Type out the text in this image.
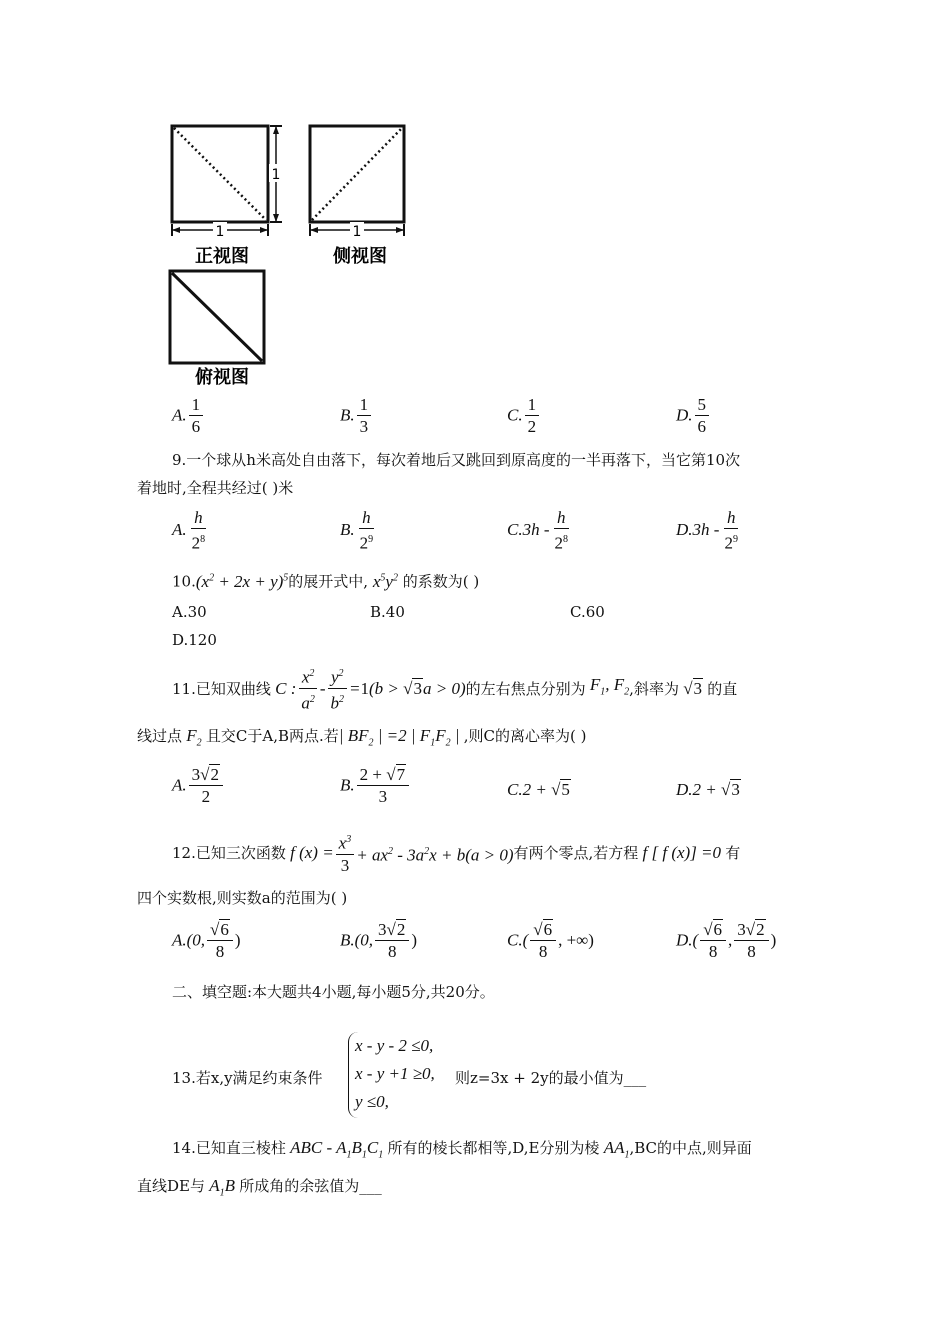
1
1
正视图
1
侧视图
俯视图
A. $\frac{1}{6}$	B. $\frac{1}{3}$	C. $\frac{1}{2}$	D. $\frac{5}{6}$
9.一个球从h米高处自由落下，每次着地后又跳回到原高度的一半再落下，当它第10次
着地时,全程共经过( )米
A. $\frac{h}{2^8}$	B. $\frac{h}{2^9}$	$C.3h - \frac{h}{2^8}$	$D.3h - \frac{h}{2^9}$
$10.(x^2 + 2x + y)^5$的展开式中, $x^5y^2$ 的系数为( )
A.30	B.40	C.60
D.120
11.已知双曲线 C : $\frac{x^2}{a^2} - \frac{y^2}{b^2} =1(b > √3a > 0)$ 的左右焦点分别为 $F_1$, $F_2$ ,斜率为 √3 的直
线过点 $F_2$ 且交C于A,B两点.若| $BF_2$ | =2 | $F_1F_2$ | ,则C的离心率为( )
A. $\frac{3√2}{2}$	B. $\frac{2 + √7}{3}$	C.2 + √5	D.2 + √3
12.已知三次函数 f $(x) = \frac{x^3}{3} + ax^2 - 3a^2x + b(a > 0)$ 有两个零点,若方程 f [ f (x)] =0 有
四个实数根,则实数a的范围为( )
A.(0, $\frac{√6}{8}$ )	B.(0, $\frac{3√2}{8}$ )	$C.( \frac{√6}{8}$ , +∞)	$D.( \frac{√6}{8}$ , $\frac{3√2}{8}$ )
二、填空题:本大题共4小题,每小题5分,共20分。
13.若x,y满足约束条件
x - y - 2 ≤0,
x - y +1 ≥0,
y ≤0,
则z=3x + 2y的最小值为___
14.已知直三棱柱 ABC - $A_1B_1C_1$ 所有的棱长都相等,D,E分别为棱 $AA_1,BC$的中点,则异面
直线DE与 $A_1B$ 所成角的余弦值为___
